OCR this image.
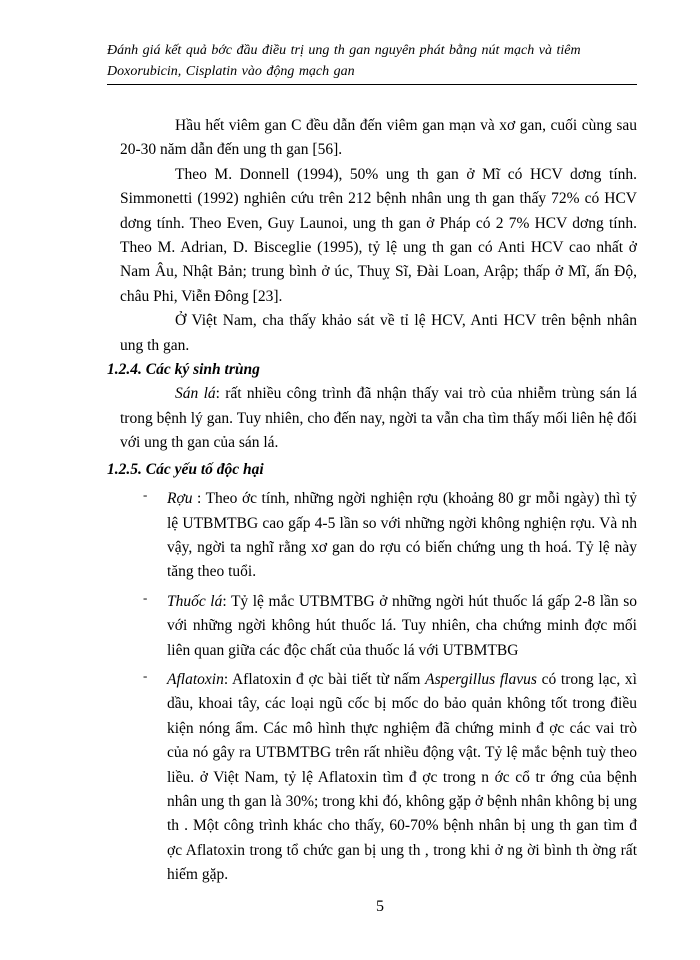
Đánh giá kết quả bớc đầu điều trị ung th gan nguyên phát bằng nút mạch và tiêm
Doxorubicin, Cisplatin vào động mạch gan

Hầu hết viêm gan C đều dẫn đến viêm gan mạn và xơ gan, cuối cùng sau 20-30 năm dẫn đến ung th gan [56].

Theo M. Donnell (1994), 50% ung th gan ở Mĩ có HCV dơng tính. Simmonetti (1992) nghiên cứu trên 212 bệnh nhân ung th gan thấy 72% có HCV dơng tính. Theo Even, Guy Launoi, ung th gan ở Pháp có 2 7% HCV dơng tính. Theo M. Adrian, D. Bisceglie (1995), tỷ lệ ung th gan có Anti HCV cao nhất ở Nam Âu, Nhật Bản; trung bình ở úc, Thuỵ Sĩ, Đài Loan, Arập; thấp ở Mĩ, ấn Độ, châu Phi, Viễn Đông [23].

Ở Việt Nam, cha thấy khảo sát về tỉ lệ HCV, Anti HCV trên bệnh nhân ung th gan.

1.2.4. Các ký sinh trùng

Sán lá: rất nhiều công trình đã nhận thấy vai trò của nhiễm trùng sán lá trong bệnh lý gan. Tuy nhiên, cho đến nay, ngời ta vẫn cha tìm thấy mối liên hệ đối với ung th gan của sán lá.

1.2.5. Các yếu tố độc hại

-	Rợu : Theo ớc tính, những ngời nghiện rợu (khoảng 80 gr mỗi ngày) thì tỷ lệ UTBMTBG cao gấp 4-5 lần so với những ngời không nghiện rợu. Và nh vậy, ngời ta nghĩ rằng xơ gan do rợu có biến chứng ung th hoá. Tỷ lệ này tăng theo tuổi.
-	Thuốc lá: Tỷ lệ mắc UTBMTBG ở những ngời hút thuốc lá gấp 2-8 lần so với những ngời không hút thuốc lá. Tuy nhiên, cha chứng minh đợc mối liên quan giữa các độc chất của thuốc lá với UTBMTBG
-	Aflatoxin: Aflatoxin đ ợc bài tiết từ nấm Aspergillus flavus có trong lạc, xì dầu, khoai tây, các loại ngũ cốc bị mốc do bảo quản không tốt trong điều kiện nóng ẩm. Các mô hình thực nghiệm đã chứng minh đ ợc các vai trò của nó gây ra UTBMTBG trên rất nhiều động vật. Tỷ lệ mắc bệnh tuỳ theo liều. ở Việt Nam, tỷ lệ Aflatoxin tìm đ ợc trong n ớc cổ tr ớng của bệnh nhân ung th gan là 30%; trong khi đó, không gặp ở bệnh nhân không bị ung th . Một công trình khác cho thấy, 60-70% bệnh nhân bị ung th gan tìm đ ợc Aflatoxin trong tổ chức gan bị ung th , trong khi ở ng ời bình th ờng rất hiếm gặp.
5
